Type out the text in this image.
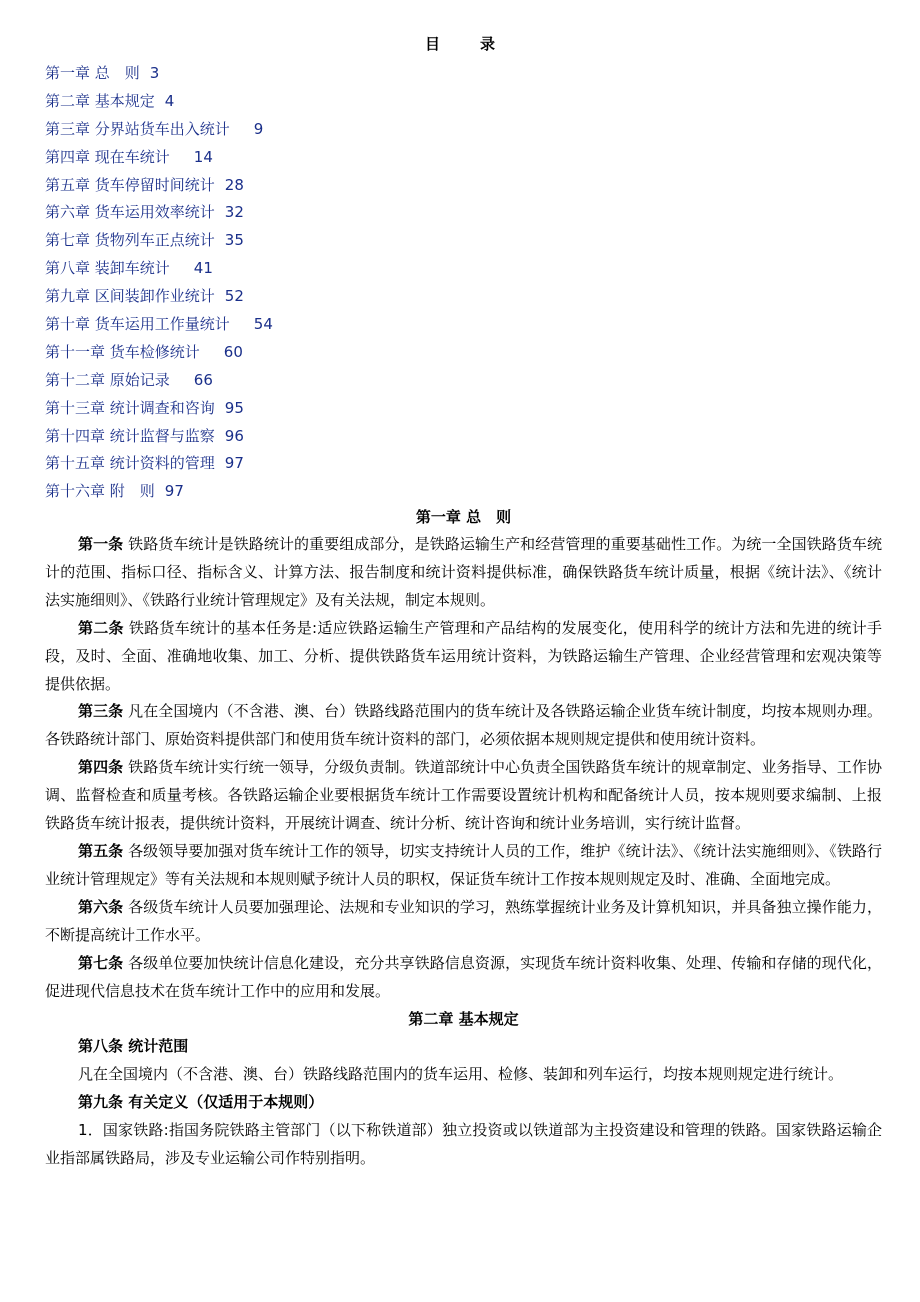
目	录
第一章 总　则 3
第二章 基本规定 4
第三章 分界站货车出入统计 9
第四章 现在车统计 14
第五章 货车停留时间统计 28
第六章 货车运用效率统计 32
第七章 货物列车正点统计 35
第八章 装卸车统计 41
第九章 区间装卸作业统计 52
第十章 货车运用工作量统计 54
第十一章 货车检修统计 60
第十二章 原始记录 66
第十三章 统计调查和咨询 95
第十四章 统计监督与监察 96
第十五章 统计资料的管理 97
第十六章 附　则 97
第一章 总　则

第一条 铁路货车统计是铁路统计的重要组成部分，是铁路运输生产和经营管理的重要基础性工作。为统一全国铁路货车统计的范围、指标口径、指标含义、计算方法、报告制度和统计资料提供标准，确保铁路货车统计质量，根据《统计法》、《统计法实施细则》、《铁路行业统计管理规定》及有关法规，制定本规则。

第二条 铁路货车统计的基本任务是:适应铁路运输生产管理和产品结构的发展变化，使用科学的统计方法和先进的统计手段，及时、全面、准确地收集、加工、分析、提供铁路货车运用统计资料，为铁路运输生产管理、企业经营管理和宏观决策等提供依据。

第三条 凡在全国境内（不含港、澳、台）铁路线路范围内的货车统计及各铁路运输企业货车统计制度，均按本规则办理。各铁路统计部门、原始资料提供部门和使用货车统计资料的部门，必须依据本规则规定提供和使用统计资料。

第四条 铁路货车统计实行统一领导，分级负责制。铁道部统计中心负责全国铁路货车统计的规章制定、业务指导、工作协调、监督检查和质量考核。各铁路运输企业要根据货车统计工作需要设置统计机构和配备统计人员，按本规则要求编制、上报铁路货车统计报表，提供统计资料，开展统计调查、统计分析、统计咨询和统计业务培训，实行统计监督。

第五条 各级领导要加强对货车统计工作的领导，切实支持统计人员的工作，维护《统计法》、《统计法实施细则》、《铁路行业统计管理规定》等有关法规和本规则赋予统计人员的职权，保证货车统计工作按本规则规定及时、准确、全面地完成。

第六条 各级货车统计人员要加强理论、法规和专业知识的学习，熟练掌握统计业务及计算机知识，并具备独立操作能力，不断提高统计工作水平。

第七条 各级单位要加快统计信息化建设，充分共享铁路信息资源，实现货车统计资料收集、处理、传输和存储的现代化，促进现代信息技术在货车统计工作中的应用和发展。

第二章 基本规定

第八条 统计范围

凡在全国境内（不含港、澳、台）铁路线路范围内的货车运用、检修、装卸和列车运行，均按本规则规定进行统计。

第九条 有关定义（仅适用于本规则）

1．国家铁路:指国务院铁路主管部门（以下称铁道部）独立投资或以铁道部为主投资建设和管理的铁路。国家铁路运输企业指部属铁路局，涉及专业运输公司作特别指明。
